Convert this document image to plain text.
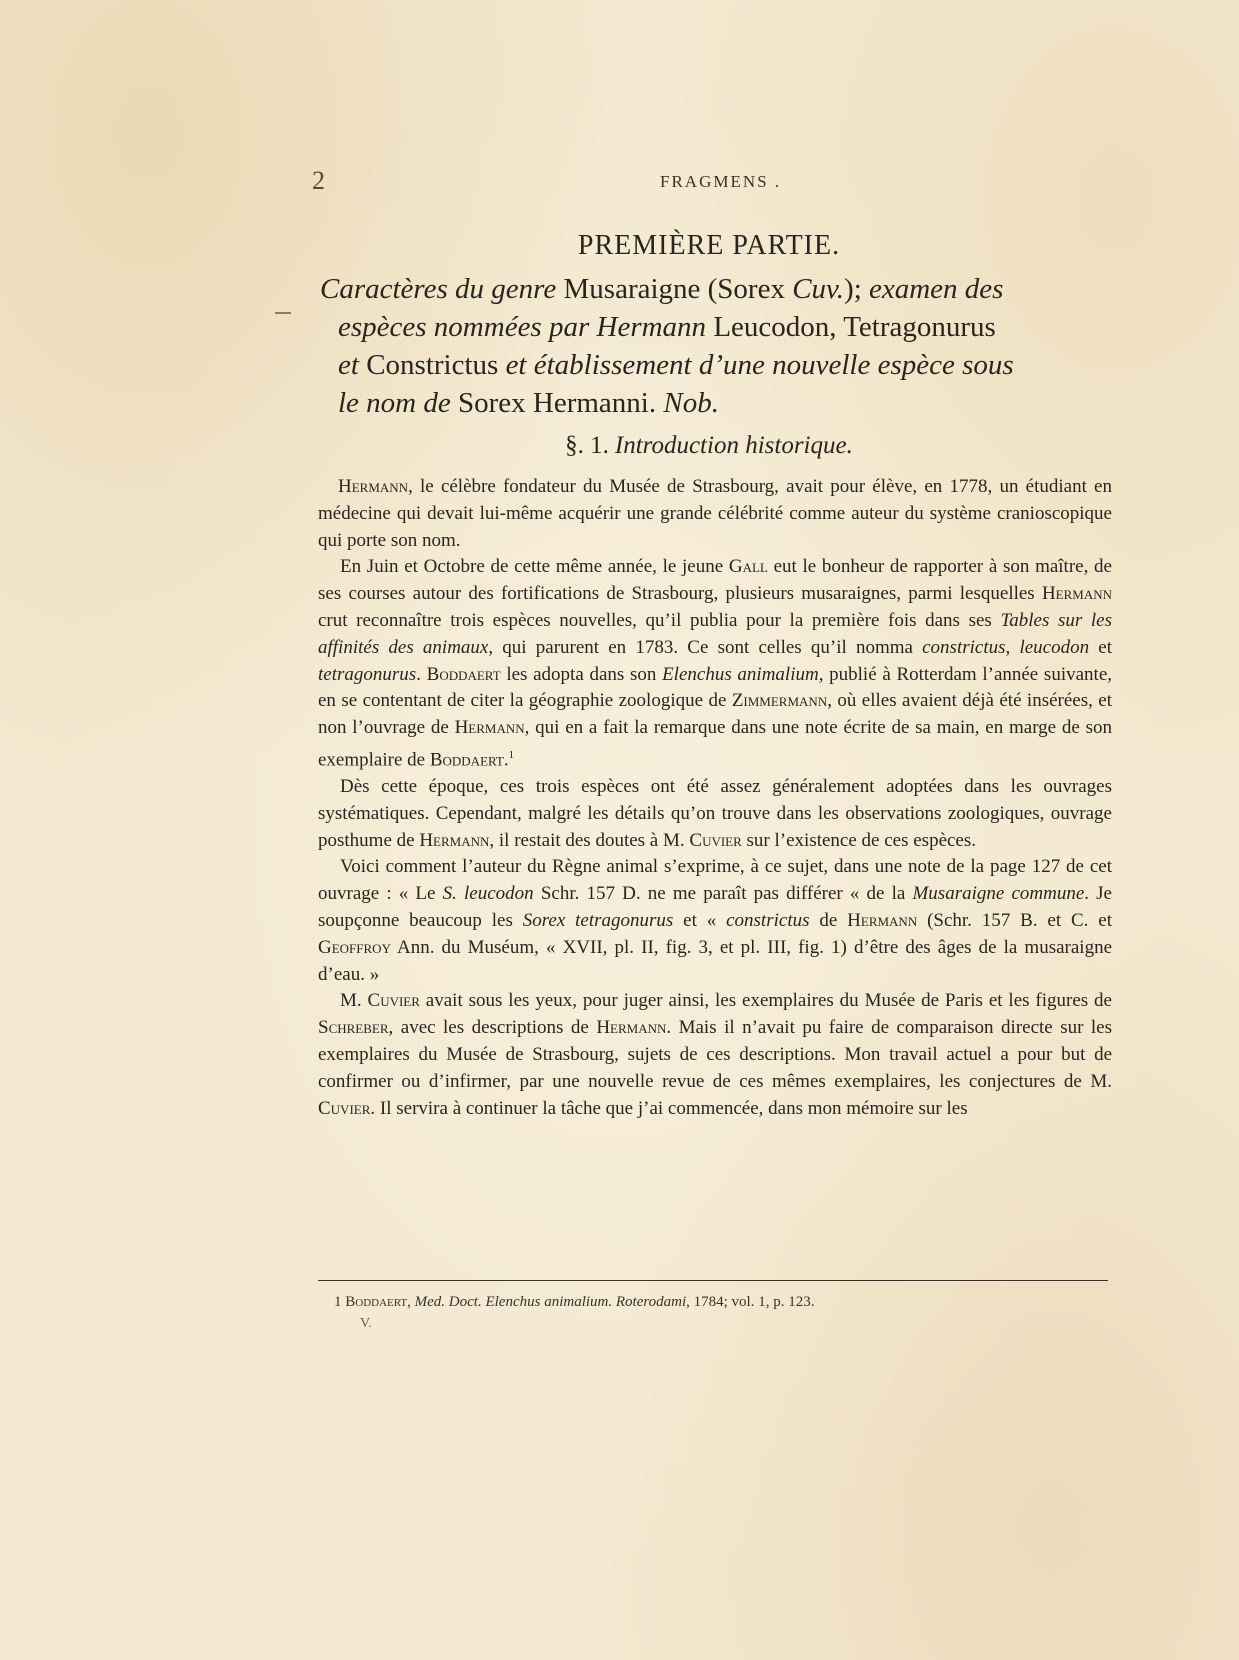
2	FRAGMENS .
PREMIÈRE PARTIE.
Caractères du genre Musaraigne (Sorex Cuv.); examen des
espèces nommées par Hermann Leucodon, Tetragonurus
et Constrictus et établissement d’une nouvelle espèce sous
le nom de Sorex Hermanni. Nob.
§. 1. Introduction historique.

Hermann, le célèbre fondateur du Musée de Strasbourg, avait pour élève, en 1778, un étudiant en médecine qui devait lui-même acquérir une grande célébrité comme auteur du système cranioscopique qui porte son nom.

En Juin et Octobre de cette même année, le jeune Gall eut le bonheur de rapporter à son maître, de ses courses autour des fortifications de Strasbourg, plusieurs musaraignes, parmi lesquelles Hermann crut reconnaître trois espèces nouvelles, qu’il publia pour la première fois dans ses Tables sur les affinités des animaux, qui parurent en 1783. Ce sont celles qu’il nomma constrictus, leucodon et tetragonurus. Boddaert les adopta dans son Elenchus animalium, publié à Rotterdam l’année suivante, en se contentant de citer la géographie zoologique de Zimmermann, où elles avaient déjà été insérées, et non l’ouvrage de Hermann, qui en a fait la remarque dans une note écrite de sa main, en marge de son exemplaire de Boddaert.$^1$

Dès cette époque, ces trois espèces ont été assez généralement adoptées dans les ouvrages systématiques. Cependant, malgré les détails qu’on trouve dans les observations zoologiques, ouvrage posthume de Hermann, il restait des doutes à M. Cuvier sur l’existence de ces espèces.

Voici comment l’auteur du Règne animal s’exprime, à ce sujet, dans une note de la page 127 de cet ouvrage : « Le S. leucodon Schr. 157 D. ne me paraît pas différer « de la Musaraigne commune. Je soupçonne beaucoup les Sorex tetragonurus et « constrictus de Hermann (Schr. 157 B. et C. et Geoffroy Ann. du Muséum, « XVII, pl. II, fig. 3, et pl. III, fig. 1) d’être des âges de la musaraigne d’eau. »

M. Cuvier avait sous les yeux, pour juger ainsi, les exemplaires du Musée de Paris et les figures de Schreber, avec les descriptions de Hermann. Mais il n’avait pu faire de comparaison directe sur les exemplaires du Musée de Strasbourg, sujets de ces descriptions. Mon travail actuel a pour but de confirmer ou d’infirmer, par une nouvelle revue de ces mêmes exemplaires, les conjectures de M. Cuvier. Il servira à continuer la tâche que j’ai commencée, dans mon mémoire sur les

1 Boddaert, Med. Doct. Elenchus animalium. Roterodami, 1784; vol. 1, p. 123.
V.
